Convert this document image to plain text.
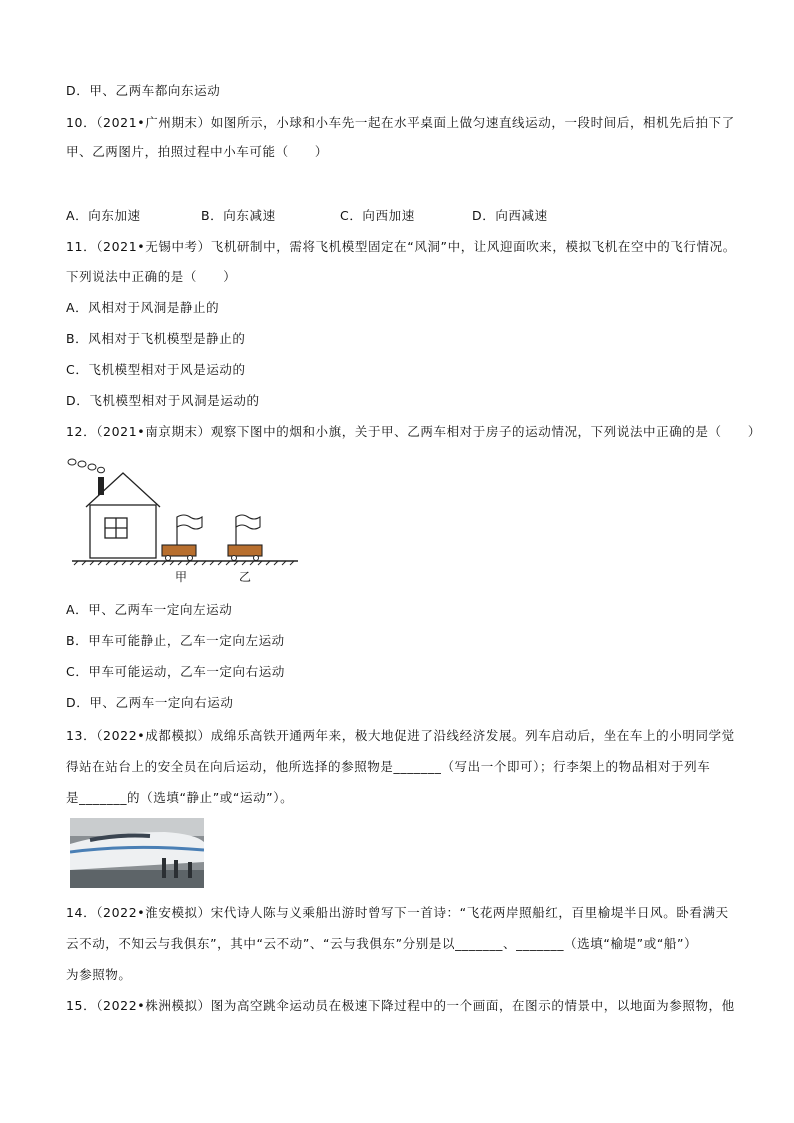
D．甲、乙两车都向东运动
10．（2021•广州期末）如图所示，小球和小车先一起在水平桌面上做匀速直线运动，一段时间后，相机先后拍下了
甲、乙两图片，拍照过程中小车可能（　　）
A．向东加速	B．向东减速	C．向西加速	D．向西减速
11．（2021•无锡中考）飞机研制中，需将飞机模型固定在“风洞”中，让风迎面吹来，模拟飞机在空中的飞行情况。
下列说法中正确的是（　　）
A．风相对于风洞是静止的
B．风相对于飞机模型是静止的
C．飞机模型相对于风是运动的
D．飞机模型相对于风洞是运动的
12．（2021•南京期末）观察下图中的烟和小旗，关于甲、乙两车相对于房子的运动情况，下列说法中正确的是（　　）
甲	乙
A．甲、乙两车一定向左运动
B．甲车可能静止，乙车一定向左运动
C．甲车可能运动，乙车一定向右运动
D．甲、乙两车一定向右运动
13．（2022•成都模拟）成绵乐高铁开通两年来，极大地促进了沿线经济发展。列车启动后，坐在车上的小明同学觉
得站在站台上的安全员在向后运动，他所选择的参照物是_______（写出一个即可）；行李架上的物品相对于列车
是_______的（选填“静止”或“运动”）。
14．（2022•淮安模拟）宋代诗人陈与义乘船出游时曾写下一首诗：“飞花两岸照船红，百里榆堤半日风。卧看满天
云不动，不知云与我俱东”，其中“云不动”、“云与我俱东”分别是以_______、_______（选填“榆堤”或“船”）
为参照物。
15．（2022•株洲模拟）图为高空跳伞运动员在极速下降过程中的一个画面，在图示的情景中，以地面为参照物，他
